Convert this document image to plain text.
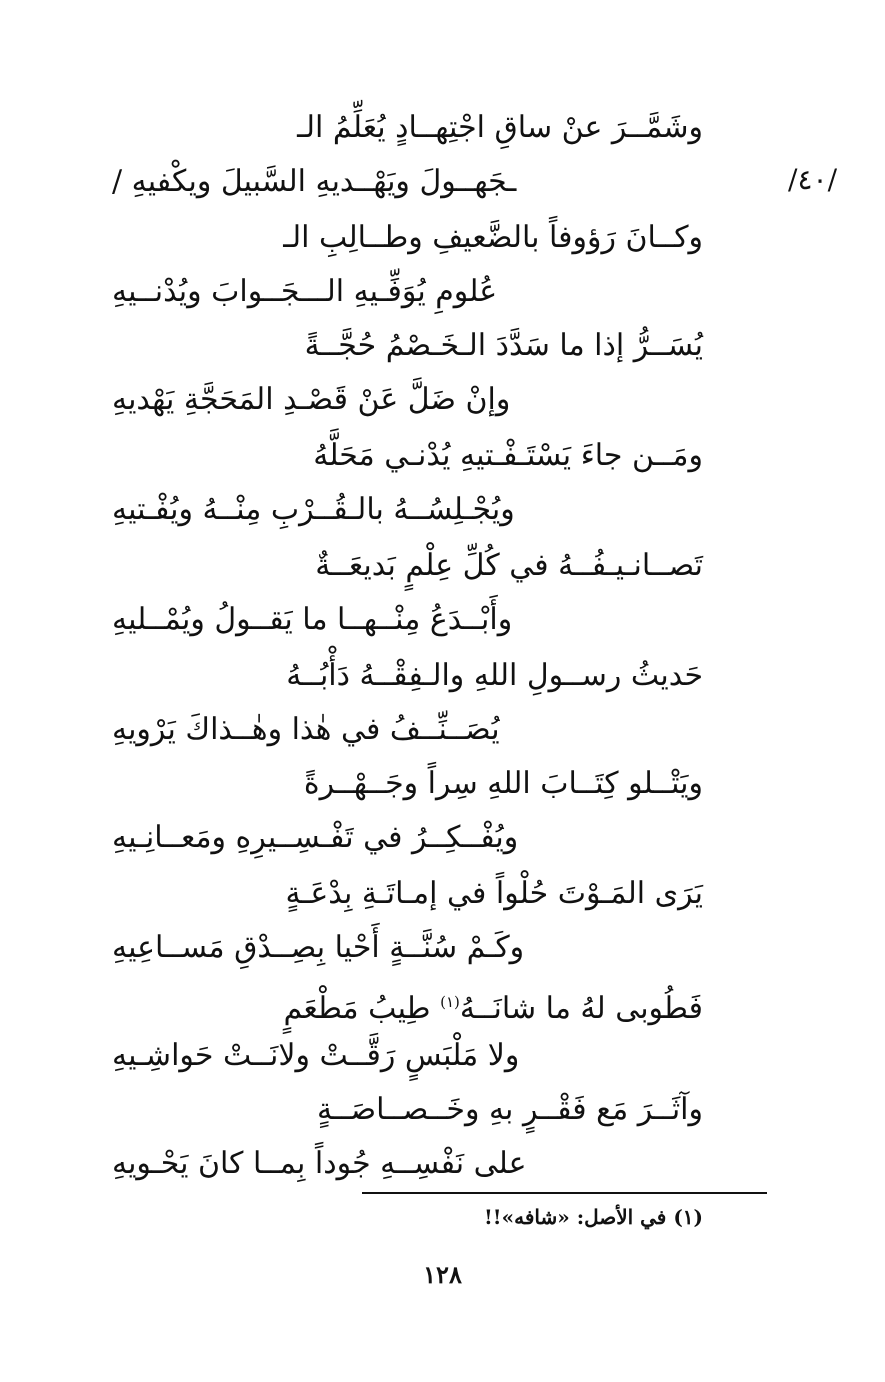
/٤٠/
وشَمَّــرَ عنْ ساقِ اجْتِهــادٍ يُعَلِّمُ الـ
ـجَهــولَ ويَهْــديهِ السَّبيلَ ويكْفيهِ /
وكــانَ رَؤوفاً بالضَّعيفِ وطــالِبِ الـ
عُلومِ يُوَفِّـيهِ الـــجَــوابَ ويُدْنــيهِ
يُسَــرُّ إذا ما سَدَّدَ الـخَـصْمُ حُجَّــةً
وإنْ ضَلَّ عَنْ قَصْـدِ المَحَجَّةِ يَهْديهِ
ومَــن جاءَ يَسْتَـفْـتيهِ يُدْنـي مَحَلَّهُ
ويُجْـلِسُــهُ بالـقُــرْبِ مِنْــهُ ويُفْـتيهِ
تَصــانـيـفُــهُ في كُلِّ عِلْمٍ بَديعَــةٌ
وأَبْــدَعُ مِنْــهــا ما يَقــولُ ويُمْــليهِ
حَديثُ رســولِ اللهِ والـفِقْــهُ دَأْبُــهُ
يُصَــنِّــفُ في هٰذا وهٰــذاكَ يَرْويهِ
ويَتْــلو كِتَــابَ اللهِ سِراً وجَــهْــرةً
ويُفْــكِــرُ في تَفْـسِــيرِهِ ومَعــانِـيهِ
يَرَى المَـوْتَ حُلْواً في إمـاتَـةِ بِدْعَـةٍ
وكَـمْ سُنَّــةٍ أَحْيا بِصِــدْقِ مَســاعِيهِ
فَطُوبى لهُ ما شانَــهُ$^{(١)}$ طِيبُ مَطْعَمٍ
ولا مَلْبَسٍ رَقَّــتْ ولانَــتْ حَواشِـيهِ
وآثَــرَ مَع فَقْــرٍ بهِ وخَــصــاصَــةٍ
على نَفْسِــهِ جُوداً بِمــا كانَ يَحْـويهِ
(١) في الأصل: «شافه»!!
١٢٨
